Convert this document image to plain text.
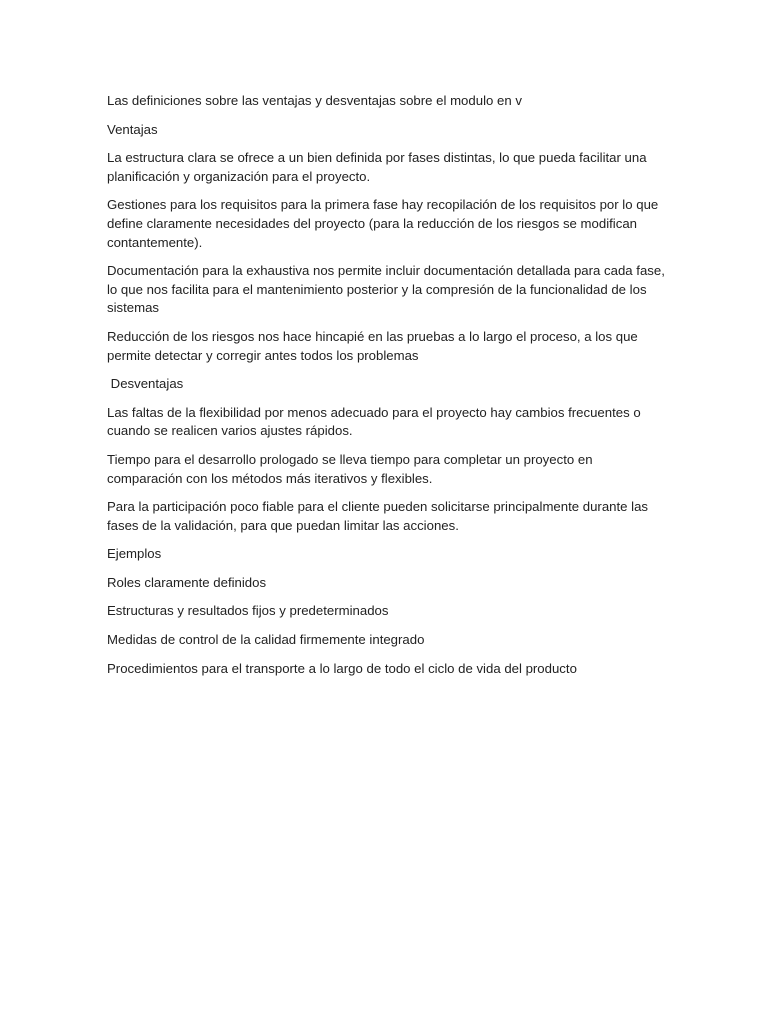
Las definiciones sobre las ventajas y desventajas sobre el modulo en v

Ventajas

La estructura clara se ofrece a un bien definida por fases distintas, lo que pueda facilitar una planificación y organización para el proyecto.

Gestiones para los requisitos para la primera fase hay recopilación de los requisitos por lo que define claramente necesidades del proyecto (para la reducción de los riesgos se modifican contantemente).

Documentación para la exhaustiva nos permite incluir documentación detallada para cada fase, lo que nos facilita para el mantenimiento posterior y la compresión de la funcionalidad de los sistemas

Reducción de los riesgos nos hace hincapié en las pruebas a lo largo el proceso, a los que permite detectar y corregir antes todos los problemas

Desventajas

Las faltas de la flexibilidad por menos adecuado para el proyecto hay cambios frecuentes o cuando se realicen varios ajustes rápidos.

Tiempo para el desarrollo prologado se lleva tiempo para completar un proyecto en comparación con los métodos más iterativos y flexibles.

Para la participación poco fiable para el cliente pueden solicitarse principalmente durante las fases de la validación, para que puedan limitar las acciones.

Ejemplos

Roles claramente definidos

Estructuras y resultados fijos y predeterminados

Medidas de control de la calidad firmemente integrado

Procedimientos para el transporte a lo largo de todo el ciclo de vida del producto
